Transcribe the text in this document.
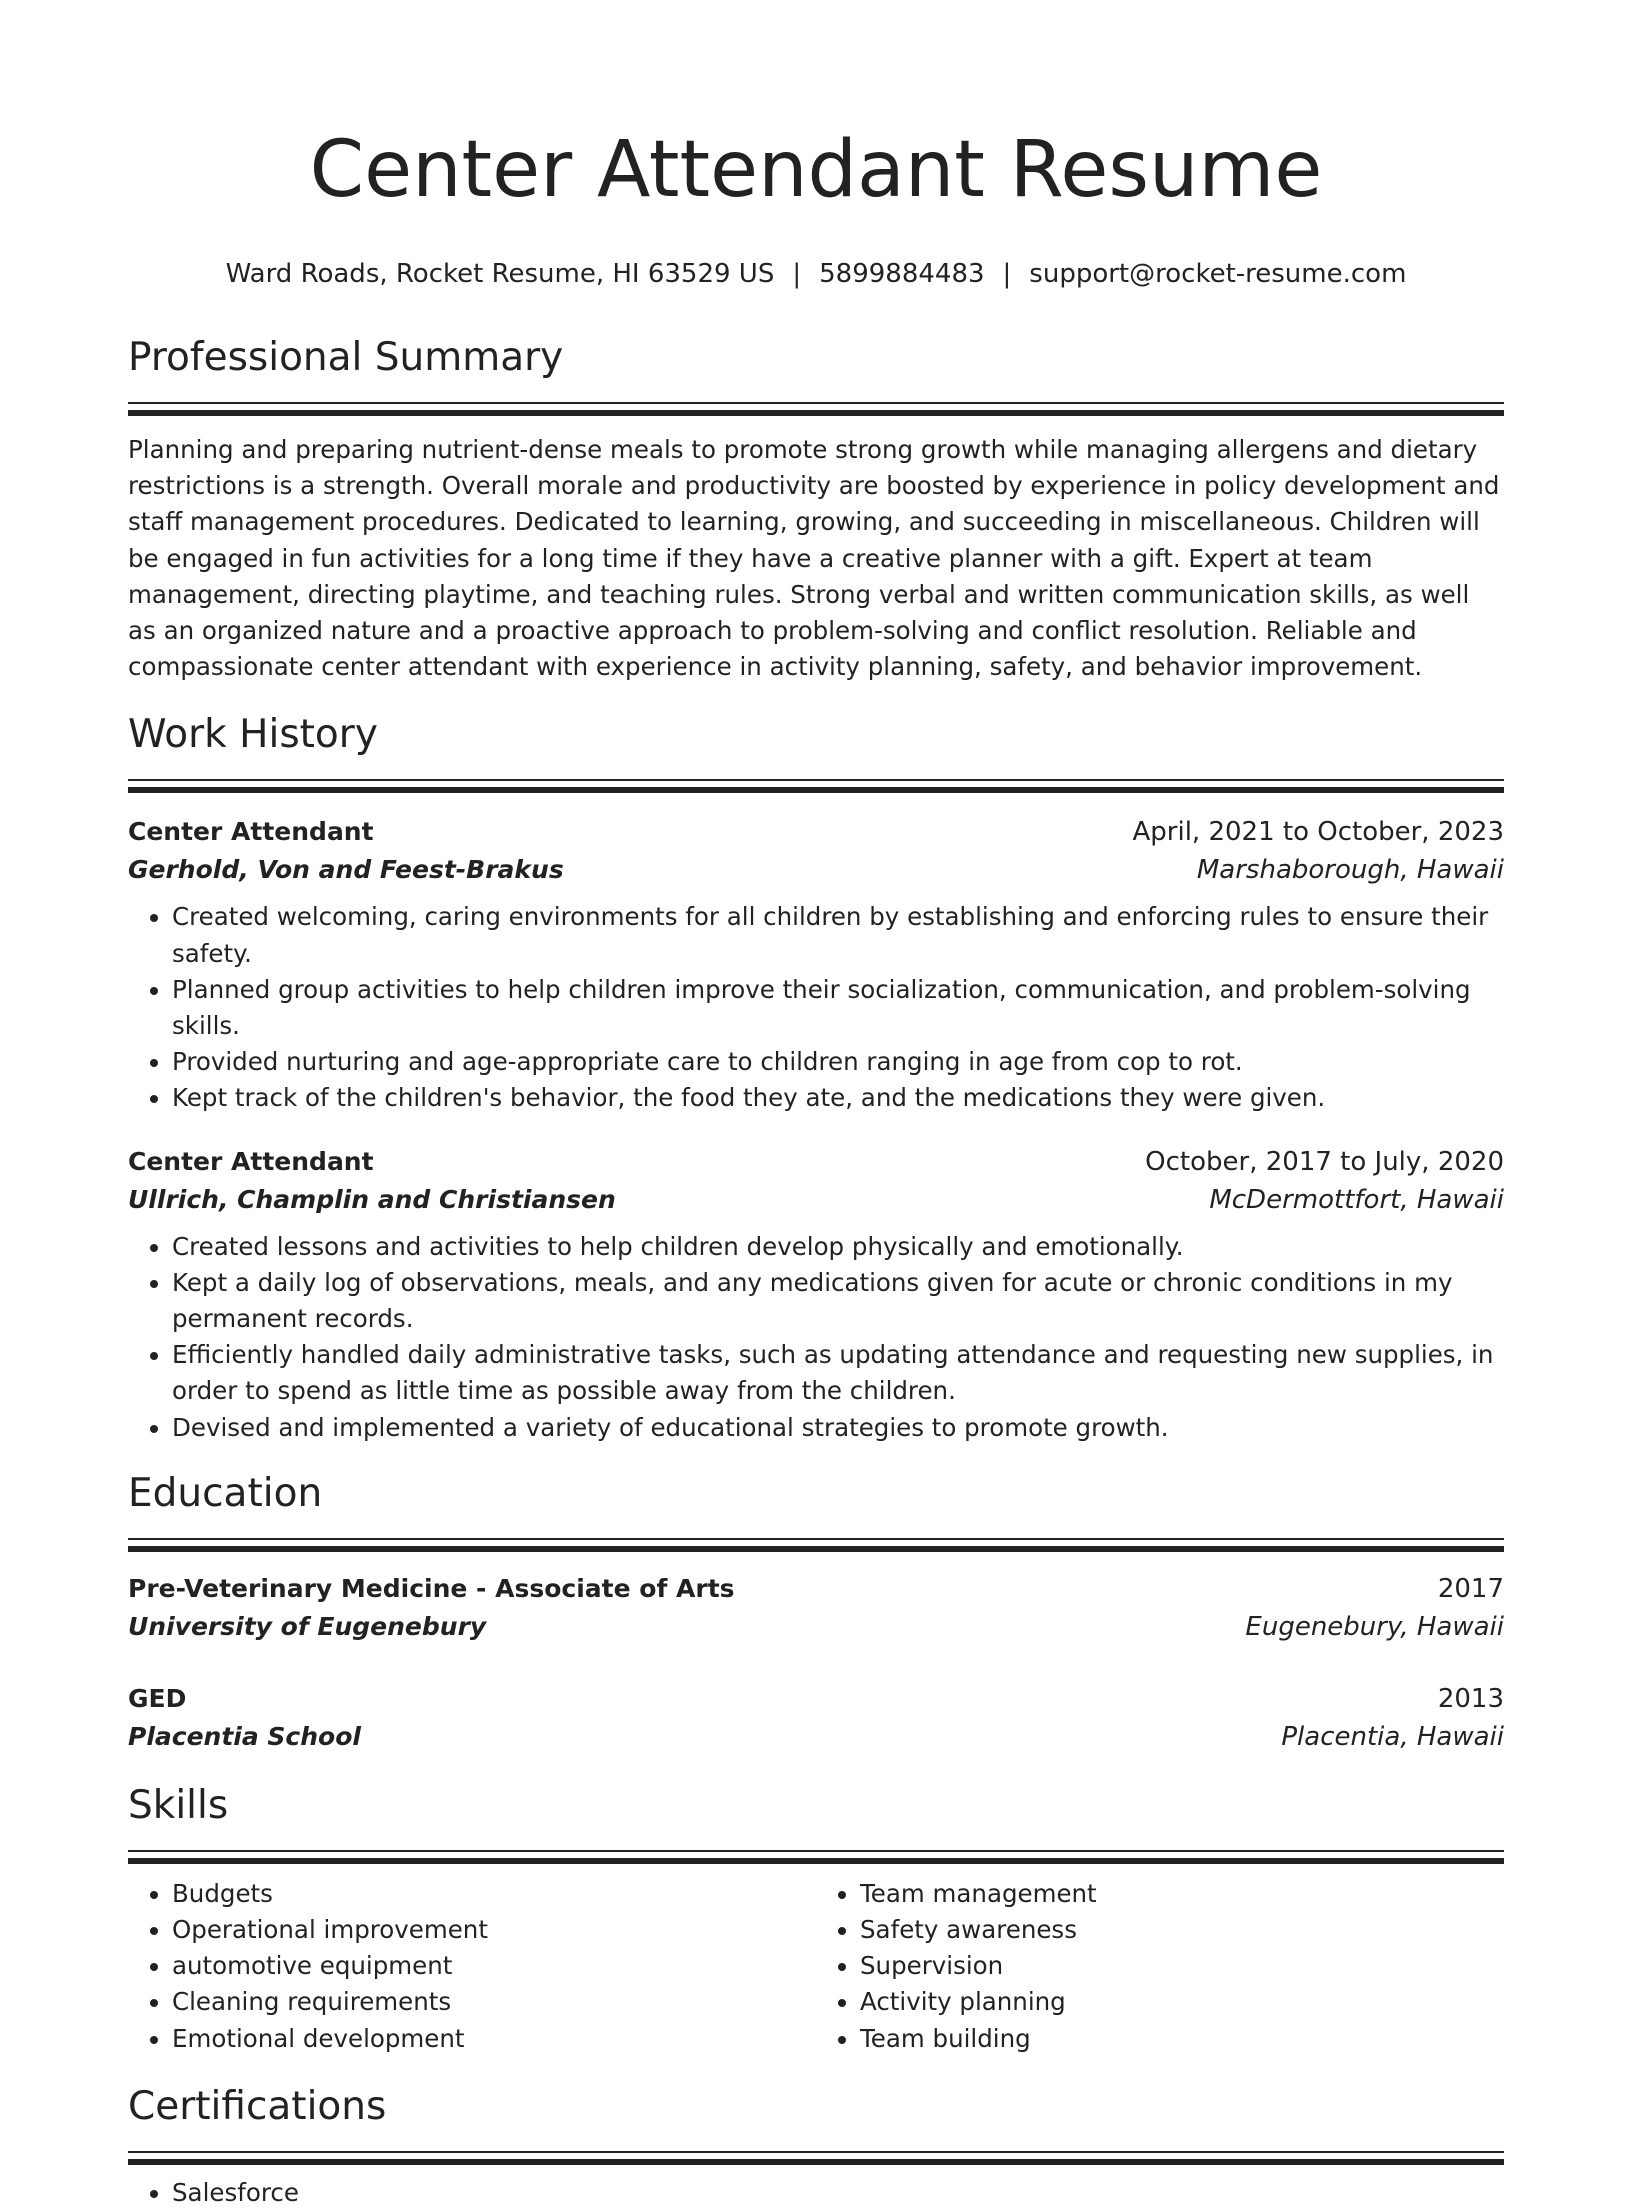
Center Attendant Resume
Ward Roads, Rocket Resume, HI 63529 US | 5899884483 | support@rocket-resume.com
Professional Summary

Planning and preparing nutrient-dense meals to promote strong growth while managing allergens and dietary restrictions is a strength. Overall morale and productivity are boosted by experience in policy development and staff management procedures. Dedicated to learning, growing, and succeeding in miscellaneous. Children will be engaged in fun activities for a long time if they have a creative planner with a gift. Expert at team management, directing playtime, and teaching rules. Strong verbal and written communication skills, as well as an organized nature and a proactive approach to problem-solving and conflict resolution. Reliable and compassionate center attendant with experience in activity planning, safety, and behavior improvement.

Work History
Center Attendant	April, 2021 to October, 2023
Gerhold, Von and Feest-Brakus	Marshaborough, Hawaii
• Created welcoming, caring environments for all children by establishing and enforcing rules to ensure their safety.
• Planned group activities to help children improve their socialization, communication, and problem-solving skills.
• Provided nurturing and age-appropriate care to children ranging in age from cop to rot.
• Kept track of the children's behavior, the food they ate, and the medications they were given.
Center Attendant	October, 2017 to July, 2020
Ullrich, Champlin and Christiansen	McDermottfort, Hawaii
• Created lessons and activities to help children develop physically and emotionally.
• Kept a daily log of observations, meals, and any medications given for acute or chronic conditions in my permanent records.
• Efficiently handled daily administrative tasks, such as updating attendance and requesting new supplies, in order to spend as little time as possible away from the children.
• Devised and implemented a variety of educational strategies to promote growth.
Education
Pre-Veterinary Medicine - Associate of Arts	2017
University of Eugenebury	Eugenebury, Hawaii
GED	2013
Placentia School	Placentia, Hawaii
Skills
• Budgets
• Operational improvement
• automotive equipment
• Cleaning requirements
• Emotional development
• Team management
• Safety awareness
• Supervision
• Activity planning
• Team building
Certifications
• Salesforce
